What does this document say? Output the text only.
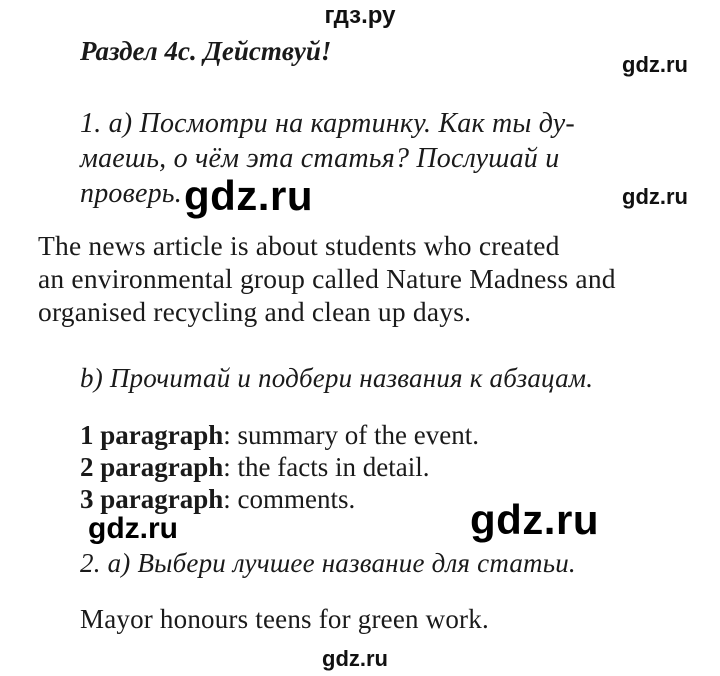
гдз.ру
gdz.ru
gdz.ru
gdz.ru
gdz.ru	gdz.ru
gdz.ru
Раздел 4с. Действуй!
1. а) Посмотри на картинку. Как ты ду-
маешь, о чём эта статья? Послушай и
проверь.
The news article is about students who created
an environmental group called Nature Madness and
organised recycling and clean up days.
b) Прочитай и подбери названия к абзацам.
1 paragraph: summary of the event.
2 paragraph: the facts in detail.
3 paragraph: comments.
2. а) Выбери лучшее название для статьи.
Mayor honours teens for green work.
